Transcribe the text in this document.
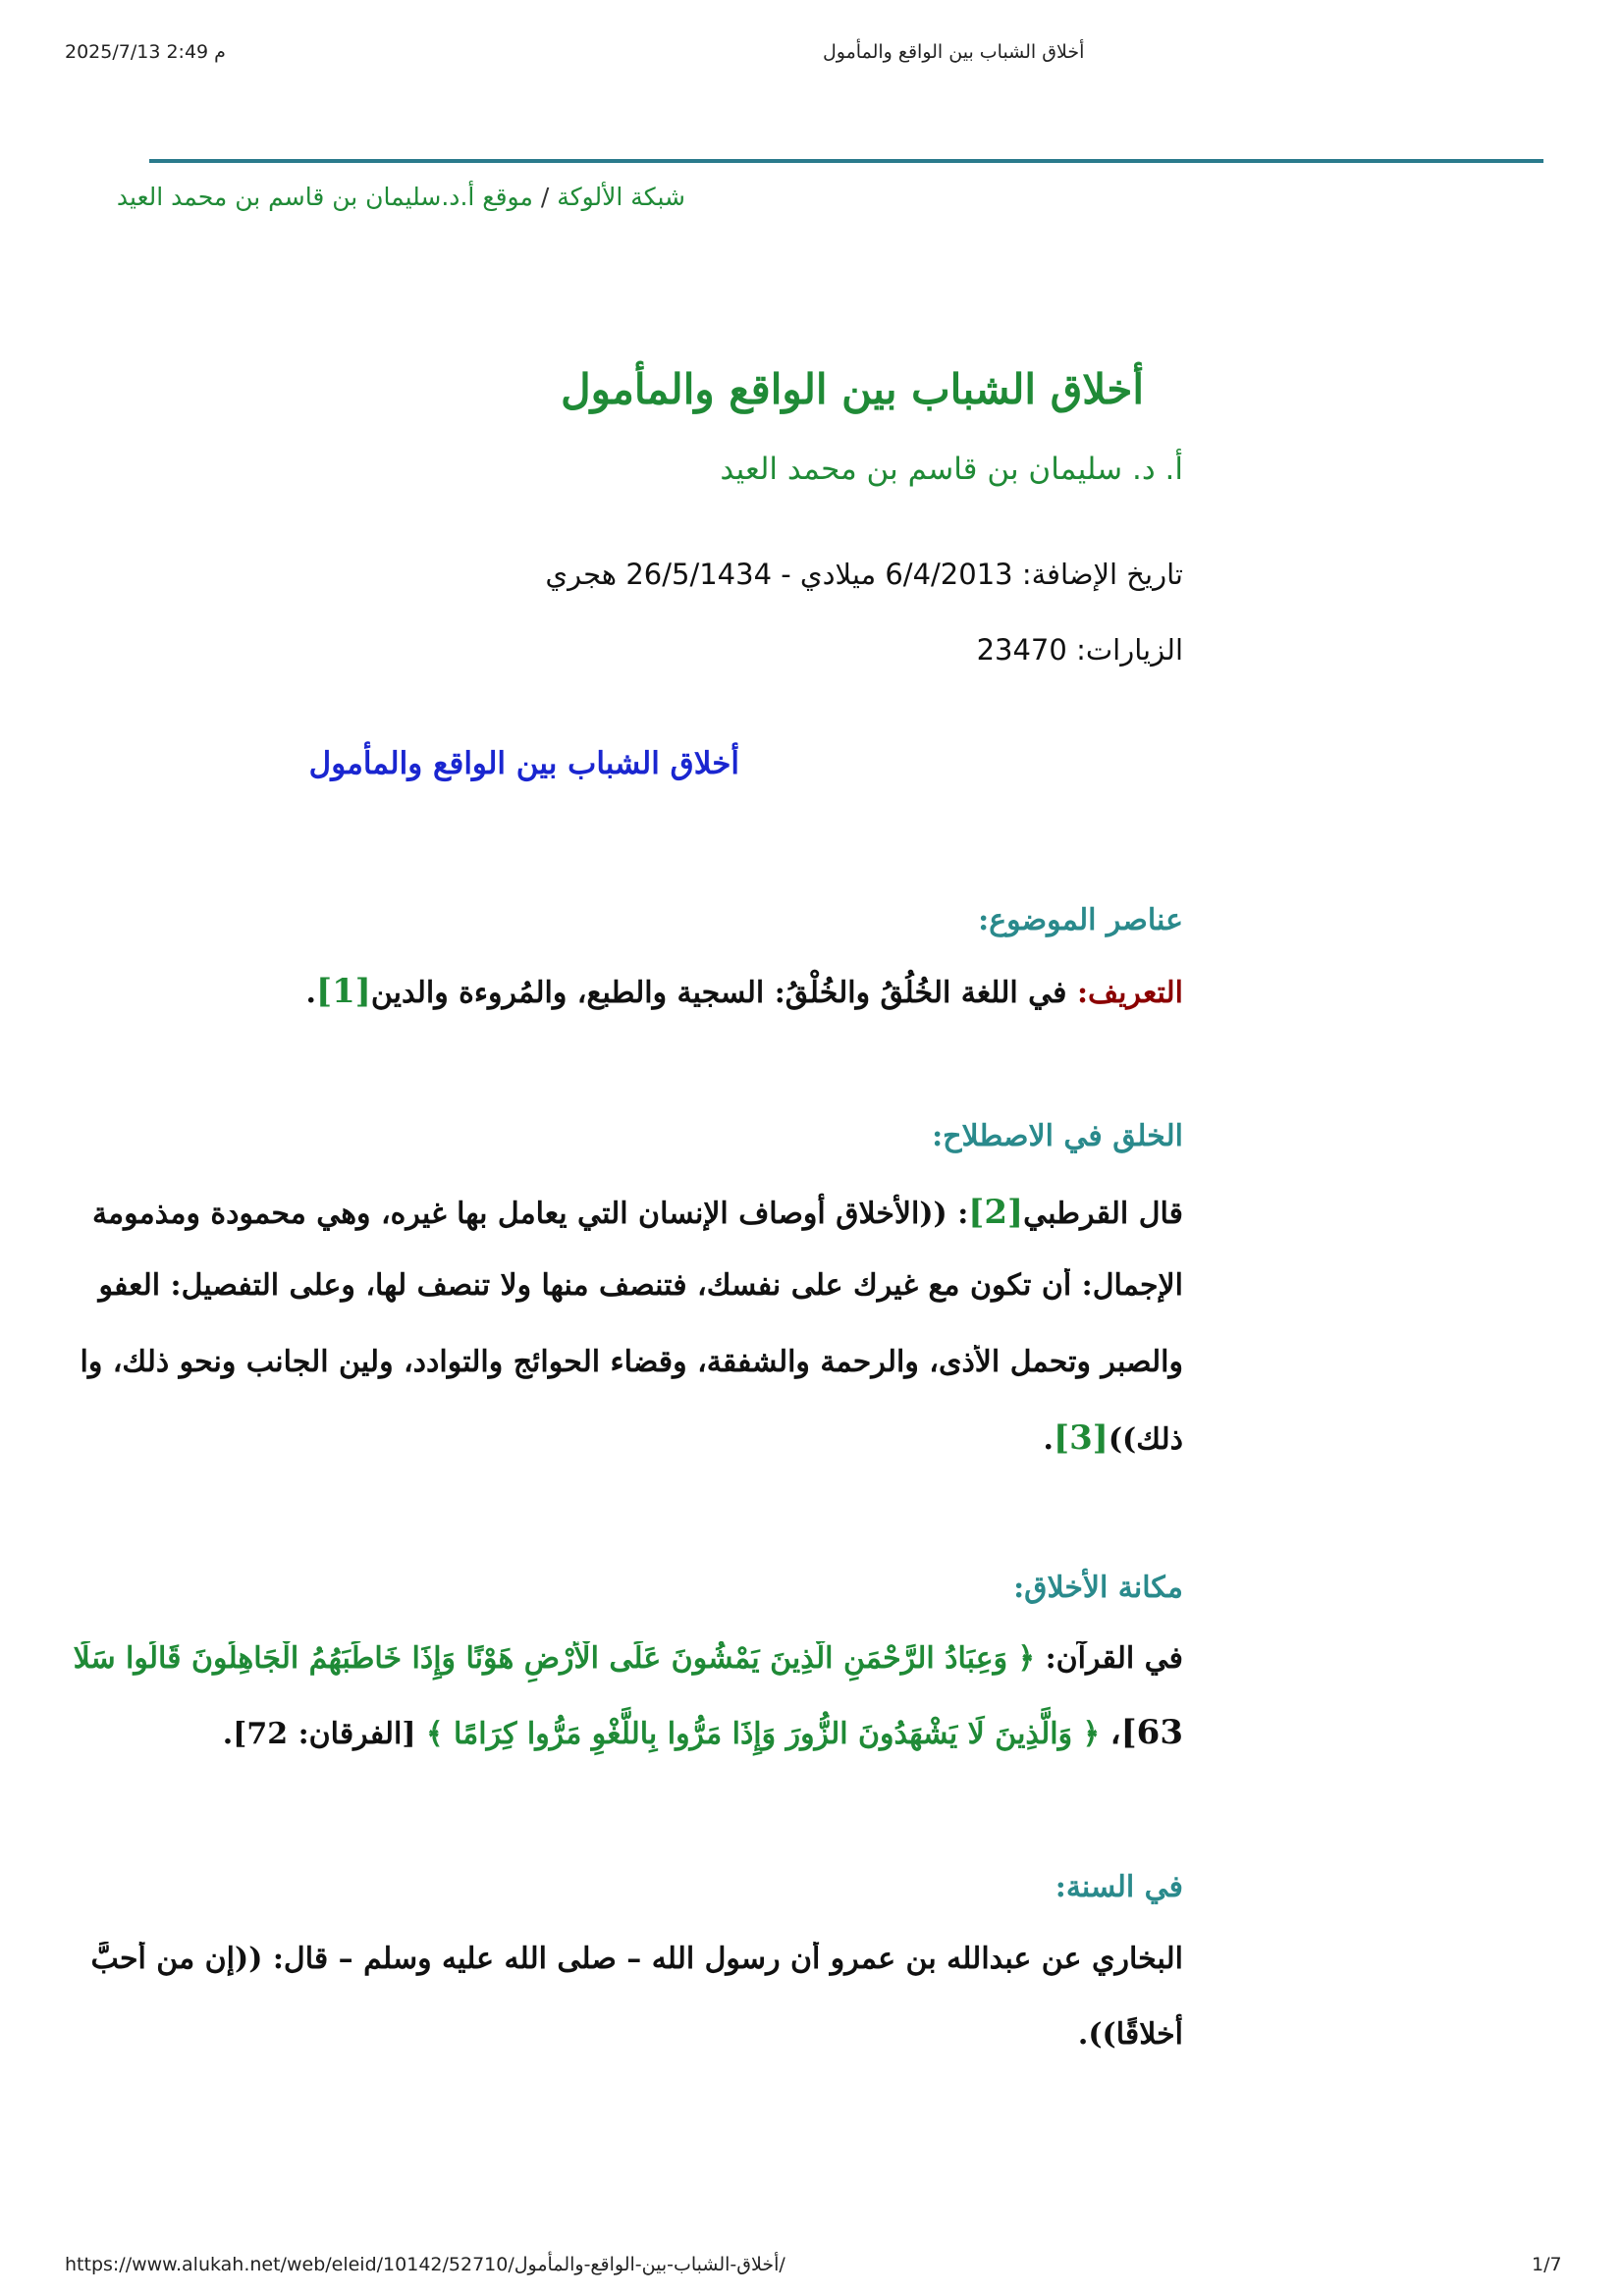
2025/7/13 2:49 م	أخلاق الشباب بين الواقع والمأمول
شبكة الألوكة/موقع أ.د.سليمان بن قاسم بن محمد العيد
أخلاق الشباب بين الواقع والمأمول
أ. د. سليمان بن قاسم بن محمد العيد
تاريخ الإضافة: 6/4/2013 ميلادي - 26/5/1434 هجري
الزيارات: 23470
أخلاق الشباب بين الواقع والمأمول
عناصر الموضوع:
التعريف: في اللغة الخُلُقُ والخُلْقُ: السجية والطبع، والمُروءة والدين[1].
الخلق في الاصطلاح:
قال القرطبي[2]: ((الأخلاق أوصاف الإنسان التي يعامل بها غيره، وهي محمودة ومذمومة
الإجمال: أن تكون مع غيرك على نفسك، فتنصف منها ولا تنصف لها، وعلى التفصيل: العفو
والصبر وتحمل الأذى، والرحمة والشفقة، وقضاء الحوائج والتوادد، ولين الجانب ونحو ذلك، وا
ذلك))[3].
مكانة الأخلاق:
في القرآن: ﴿ وَعِبَادُ الرَّحْمَنِ الَّذِينَ يَمْشُونَ عَلَى الْأَرْضِ هَوْنًا وَإِذَا خَاطَبَهُمُ الْجَاهِلُونَ قَالُوا سَلَا
63]، ﴿ وَالَّذِينَ لَا يَشْهَدُونَ الزُّورَ وَإِذَا مَرُّوا بِاللَّغْوِ مَرُّوا كِرَامًا ﴾ [الفرقان: 72].
في السنة:
البخاري عن عبدالله بن عمرو أن رسول الله – صلى الله عليه وسلم – قال: ((إن من أحبَّ
أخلاقًا)).
https://www.alukah.net/web/eleid/10142/52710/أخلاق-الشباب-بين-الواقع-والمأمول/	1/7
